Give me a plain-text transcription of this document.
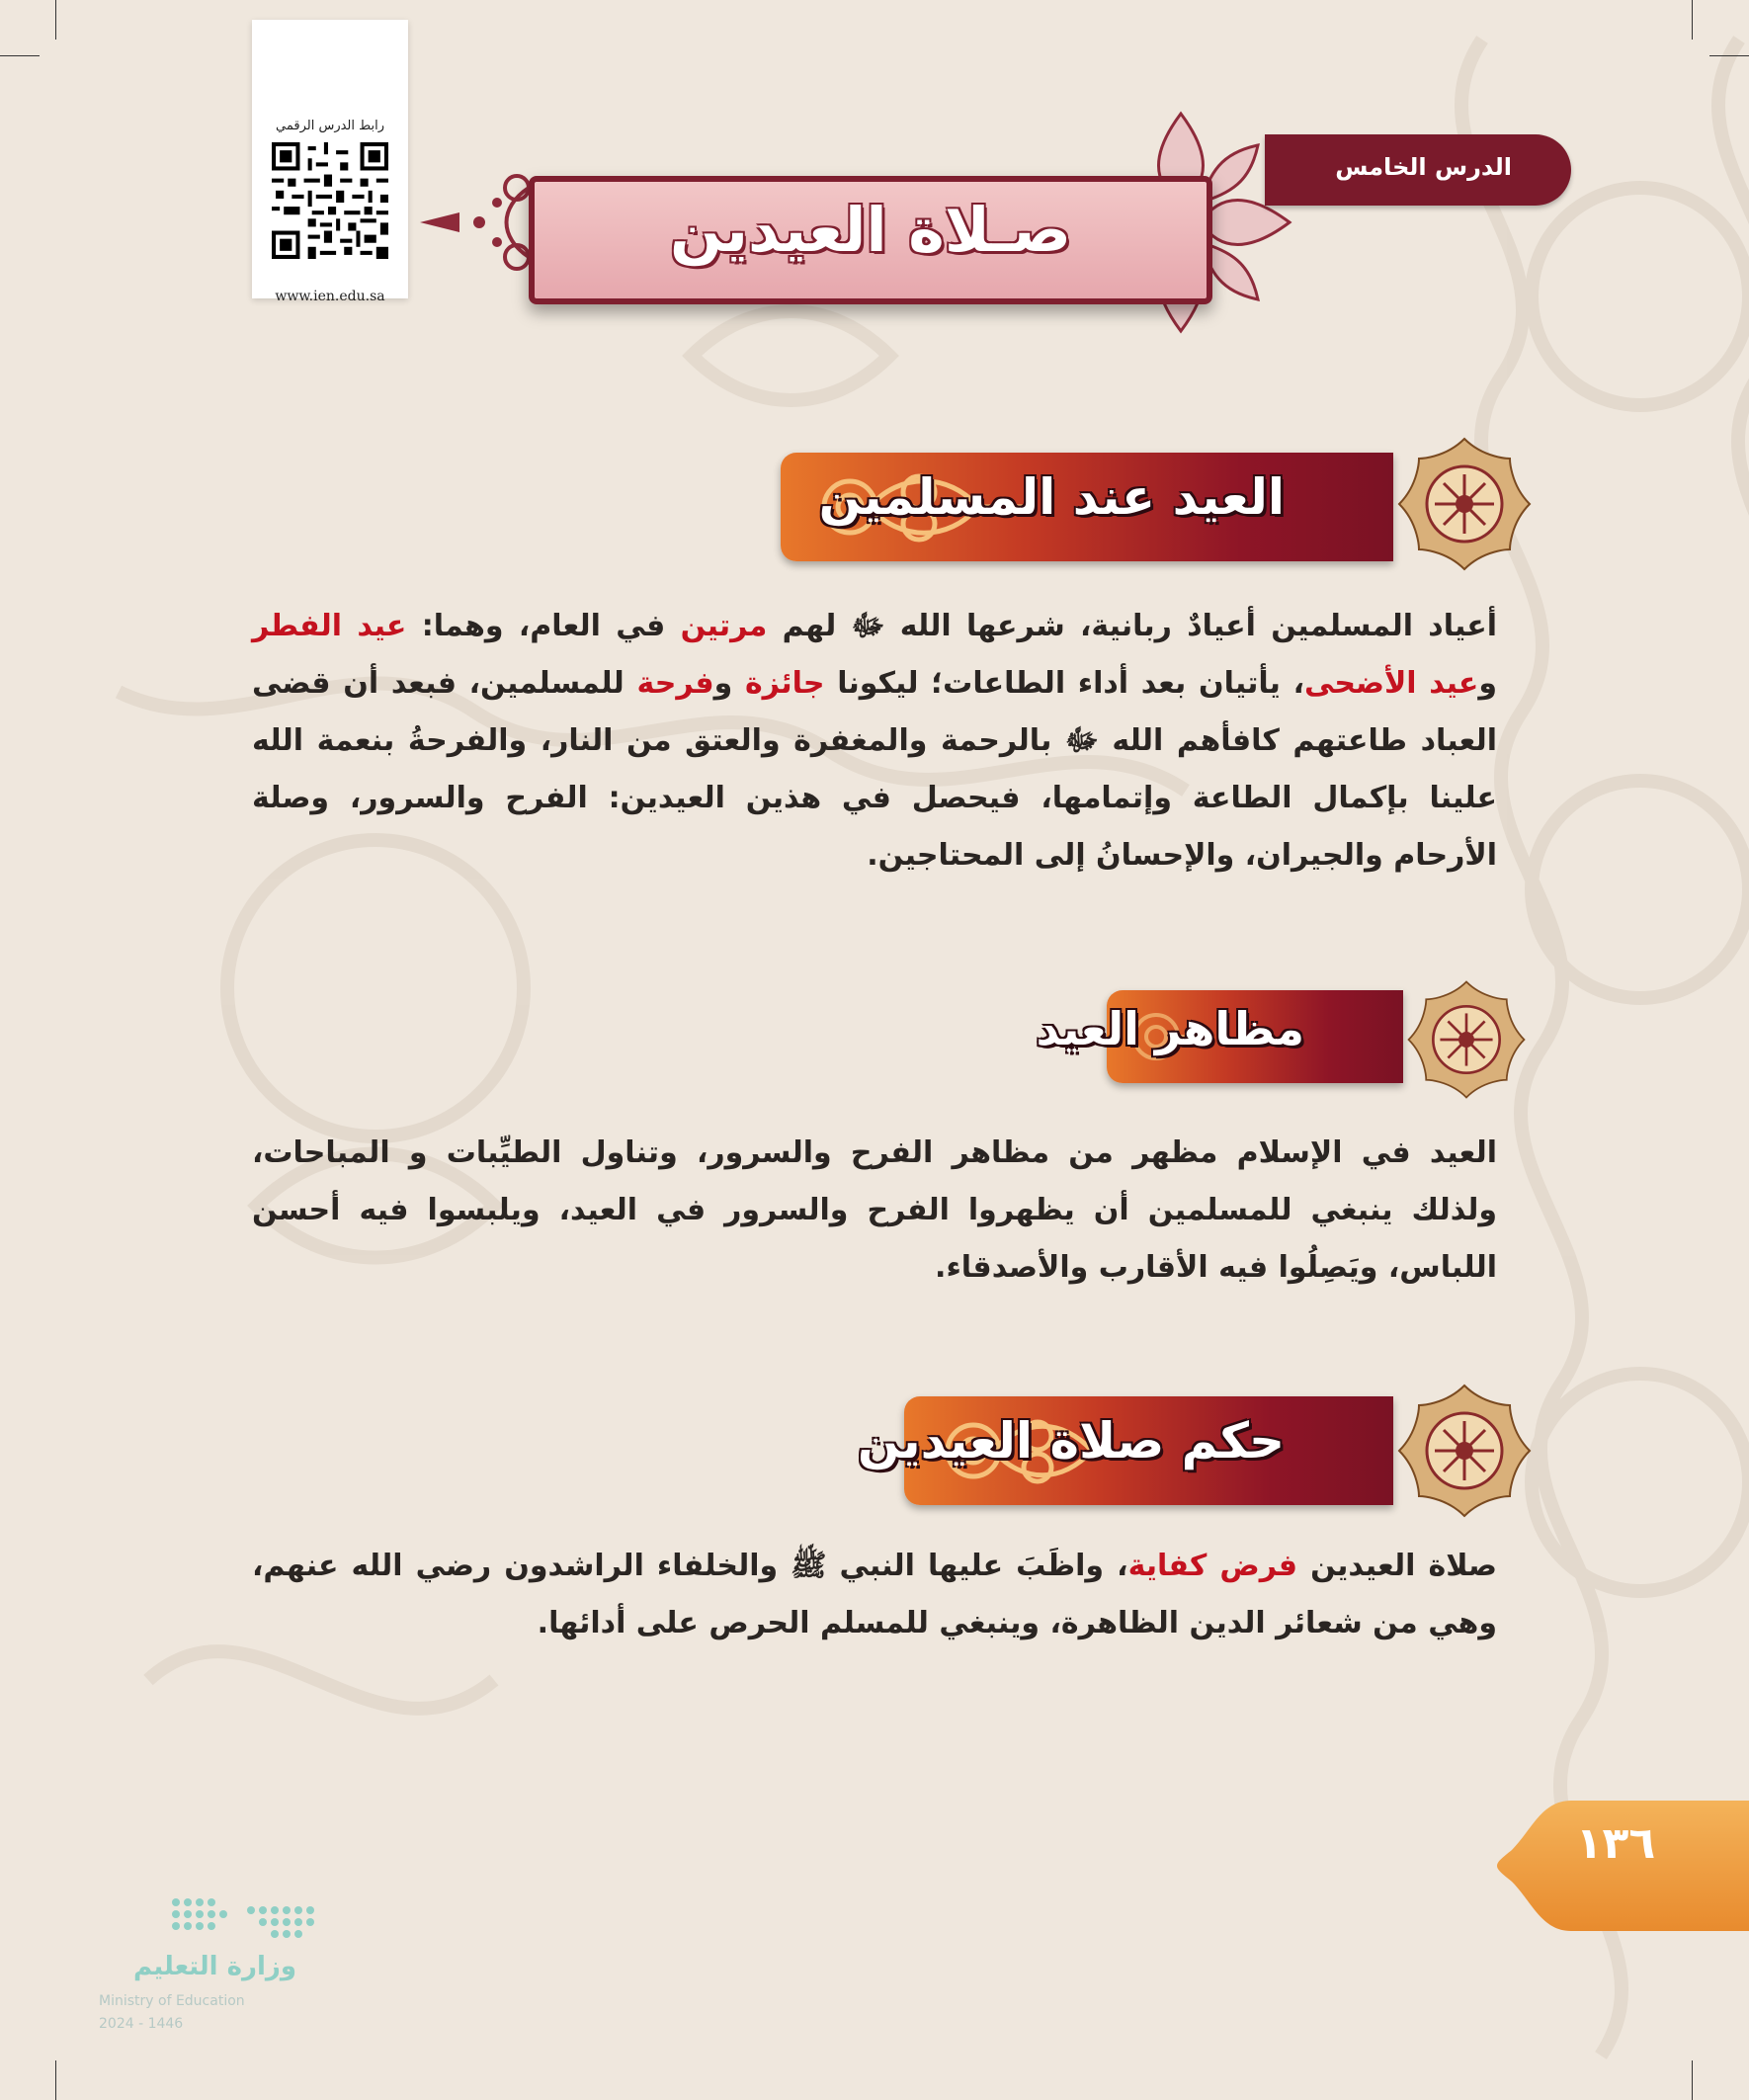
رابط الدرس الرقمي
www.ien.edu.sa
الدرس الخامس
صـلاة العيدين
العيد عند المسلمين

أعياد المسلمين أعيادٌ ربانية، شرعها الله ﷻ لهم مرتين في العام، وهما: عيد الفطر وعيد الأضحى، يأتيان بعد أداء الطاعات؛ ليكونا جائزة وفرحة للمسلمين، فبعد أن قضى العباد طاعتهم كافأهم الله ﷻ بالرحمة والمغفرة والعتق من النار، والفرحةُ بنعمة الله علينا بإكمال الطاعة وإتمامها، فيحصل في هذين العيدين: الفرح والسرور، وصلة الأرحام والجيران، والإحسانُ إلى المحتاجين.

مظاهر العيد

العيد في الإسلام مظهر من مظاهر الفرح والسرور، وتناول الطيِّبات و المباحات، ولذلك ينبغي للمسلمين أن يظهروا الفرح والسرور في العيد، ويلبسوا فيه أحسن اللباس، ويَصِلُوا فيه الأقارب والأصدقاء.

حكم صلاة العيدين

صلاة العيدين فرض كفاية، واظَبَ عليها النبي ﷺ والخلفاء الراشدون رضي الله عنهم، وهي من شعائر الدين الظاهرة، وينبغي للمسلم الحرص على أدائها.

١٣٦
وزارة التعليم
Ministry of Education
2024 - 1446
